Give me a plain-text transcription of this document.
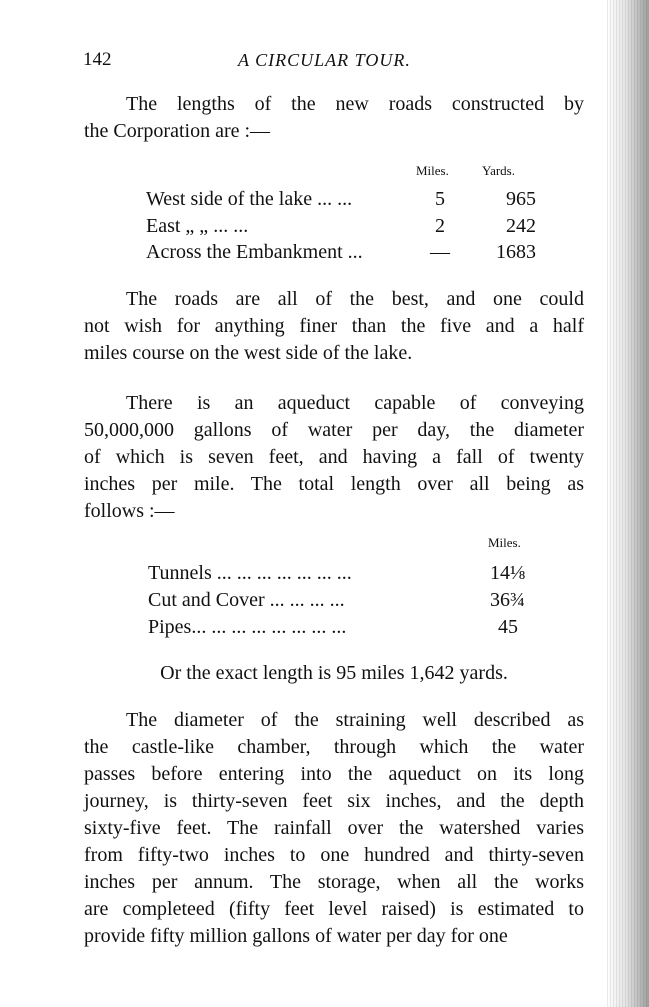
142	A CIRCULAR TOUR.

The lengths of the new roads constructed by
the Corporation are :—

Miles.	Yards.
West side of the lake ... ...	5	965
East „ „ ... ...	2	242
Across the Embankment ...	—	1683

The roads are all of the best, and one could
not wish for anything finer than the five and a half
miles course on the west side of the lake.

There is an aqueduct capable of conveying
50,000,000 gallons of water per day, the diameter
of which is seven feet, and having a fall of twenty
inches per mile. The total length over all being as
follows :—

Miles.
Tunnels ... ... ... ... ... ... ...	14⅛
Cut and Cover ... ... ... ...	36¾
Pipes... ... ... ... ... ... ... ...	45
Or the exact length is 95 miles 1,642 yards.

The diameter of the straining well described as
the castle-like chamber, through which the water
passes before entering into the aqueduct on its long
journey, is thirty-seven feet six inches, and the depth
sixty-five feet. The rainfall over the watershed varies
from fifty-two inches to one hundred and thirty-seven
inches per annum. The storage, when all the works
are completeed (fifty feet level raised) is estimated to
provide fifty million gallons of water per day for one
